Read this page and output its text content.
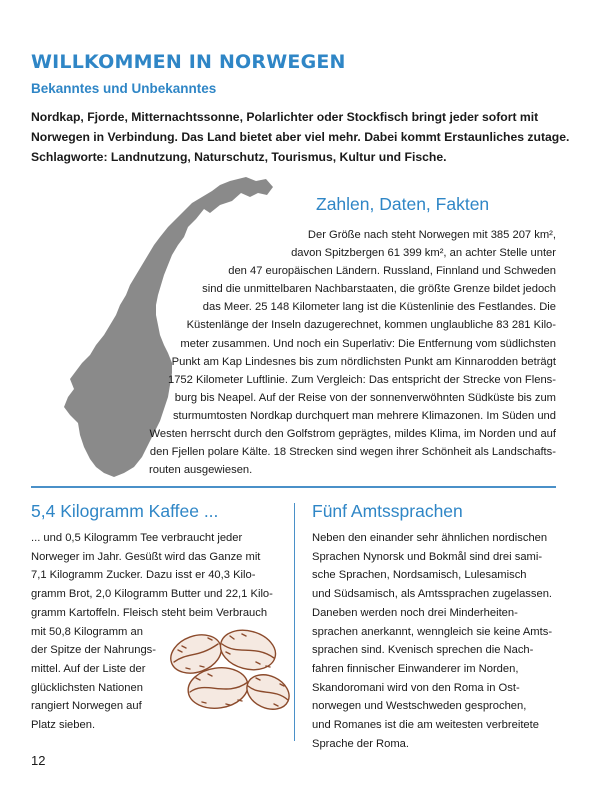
WILLKOMMEN IN NORWEGEN
Bekanntes und Unbekanntes

Nordkap, Fjorde, Mitternachtssonne, Polarlichter oder Stockfisch bringt jeder sofort mit
Norwegen in Verbindung. Das Land bietet aber viel mehr. Dabei kommt Erstaunliches zutage.
Schlagworte: Landnutzung, Naturschutz, Tourismus, Kultur und Fische.

Zahlen, Daten, Fakten

Der Größe nach steht Norwegen mit 385 207 km²,
davon Spitzbergen 61 399 km², an achter Stelle unter
den 47 europäischen Ländern. Russland, Finnland und Schweden
sind die unmittelbaren Nachbarstaaten, die größte Grenze bildet jedoch
das Meer. 25 148 Kilometer lang ist die Küstenlinie des Festlandes. Die
Küstenlänge der Inseln dazugerechnet, kommen unglaubliche 83 281 Kilo-
meter zusammen. Und noch ein Superlativ: Die Entfernung vom südlichsten
Punkt am Kap Lindesnes bis zum nördlichsten Punkt am Kinnarodden beträgt
1752 Kilometer Luftlinie. Zum Vergleich: Das entspricht der Strecke von Flens-
burg bis Neapel. Auf der Reise von der sonnenverwöhnten Südküste bis zum
sturmumtosten Nordkap durchquert man mehrere Klimazonen. Im Süden und
Westen herrscht durch den Golfstrom geprägtes, mildes Klima, im Norden und auf
den Fjellen polare Kälte. 18 Strecken sind wegen ihrer Schönheit als Landschafts-
routen ausgewiesen.

5,4 Kilogramm Kaffee ...

... und 0,5 Kilogramm Tee verbraucht jeder
Norweger im Jahr. Gesüßt wird das Ganze mit
7,1 Kilogramm Zucker. Dazu isst er 40,3 Kilo-
gramm Brot, 2,0 Kilogramm Butter und 22,1 Kilo-
gramm Kartoffeln. Fleisch steht beim Verbrauch
mit 50,8 Kilogramm an
der Spitze der Nahrungs-
mittel. Auf der Liste der
glücklichsten Nationen
rangiert Norwegen auf
Platz sieben.

Fünf Amtssprachen

Neben den einander sehr ähnlichen nordischen
Sprachen Nynorsk und Bokmål sind drei sami-
sche Sprachen, Nordsamisch, Lulesamisch
und Südsamisch, als Amtssprachen zugelassen.
Daneben werden noch drei Minderheiten-
sprachen anerkannt, wenngleich sie keine Amts-
sprachen sind. Kvenisch sprechen die Nach-
fahren finnischer Einwanderer im Norden,
Skandoromani wird von den Roma in Ost-
norwegen und Westschweden gesprochen,
und Romanes ist die am weitesten verbreitete
Sprache der Roma.

12
